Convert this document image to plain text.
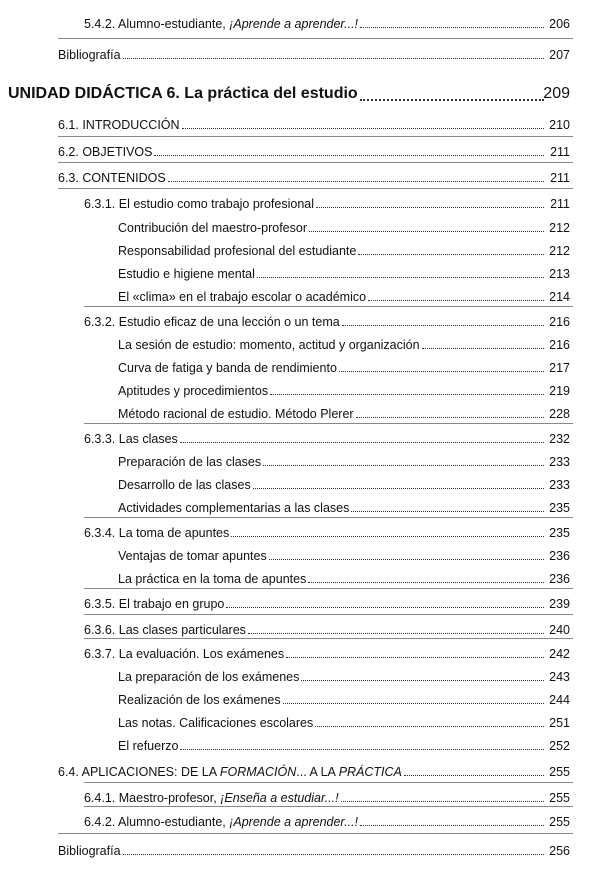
5.4.2. Alumno-estudiante, ¡Aprende a aprender...!	206
Bibliografía	207
UNIDAD DIDÁCTICA 6. La práctica del estudio	209
6.1. INTRODUCCIÓN	210
6.2. OBJETIVOS	211
6.3. CONTENIDOS	211
6.3.1. El estudio como trabajo profesional	211
Contribución del maestro-profesor	212
Responsabilidad profesional del estudiante	212
Estudio e higiene mental	213
El «clima» en el trabajo escolar o académico	214
6.3.2. Estudio eficaz de una lección o un tema	216
La sesión de estudio: momento, actitud y organización	216
Curva de fatiga y banda de rendimiento	217
Aptitudes y procedimientos	219
Método racional de estudio. Método Plerer	228
6.3.3. Las clases	232
Preparación de las clases	233
Desarrollo de las clases	233
Actividades complementarias a las clases	235
6.3.4. La toma de apuntes	235
Ventajas de tomar apuntes	236
La práctica en la toma de apuntes	236
6.3.5. El trabajo en grupo	239
6.3.6. Las clases particulares	240
6.3.7. La evaluación. Los exámenes	242
La preparación de los exámenes	243
Realización de los exámenes	244
Las notas. Calificaciones escolares	251
El refuerzo	252
6.4. APLICACIONES: DE LA FORMACIÓN... A LA PRÁCTICA	255
6.4.1. Maestro-profesor, ¡Enseña a estudiar...!	255
6.4.2. Alumno-estudiante, ¡Aprende a aprender...!	255
Bibliografía	256
